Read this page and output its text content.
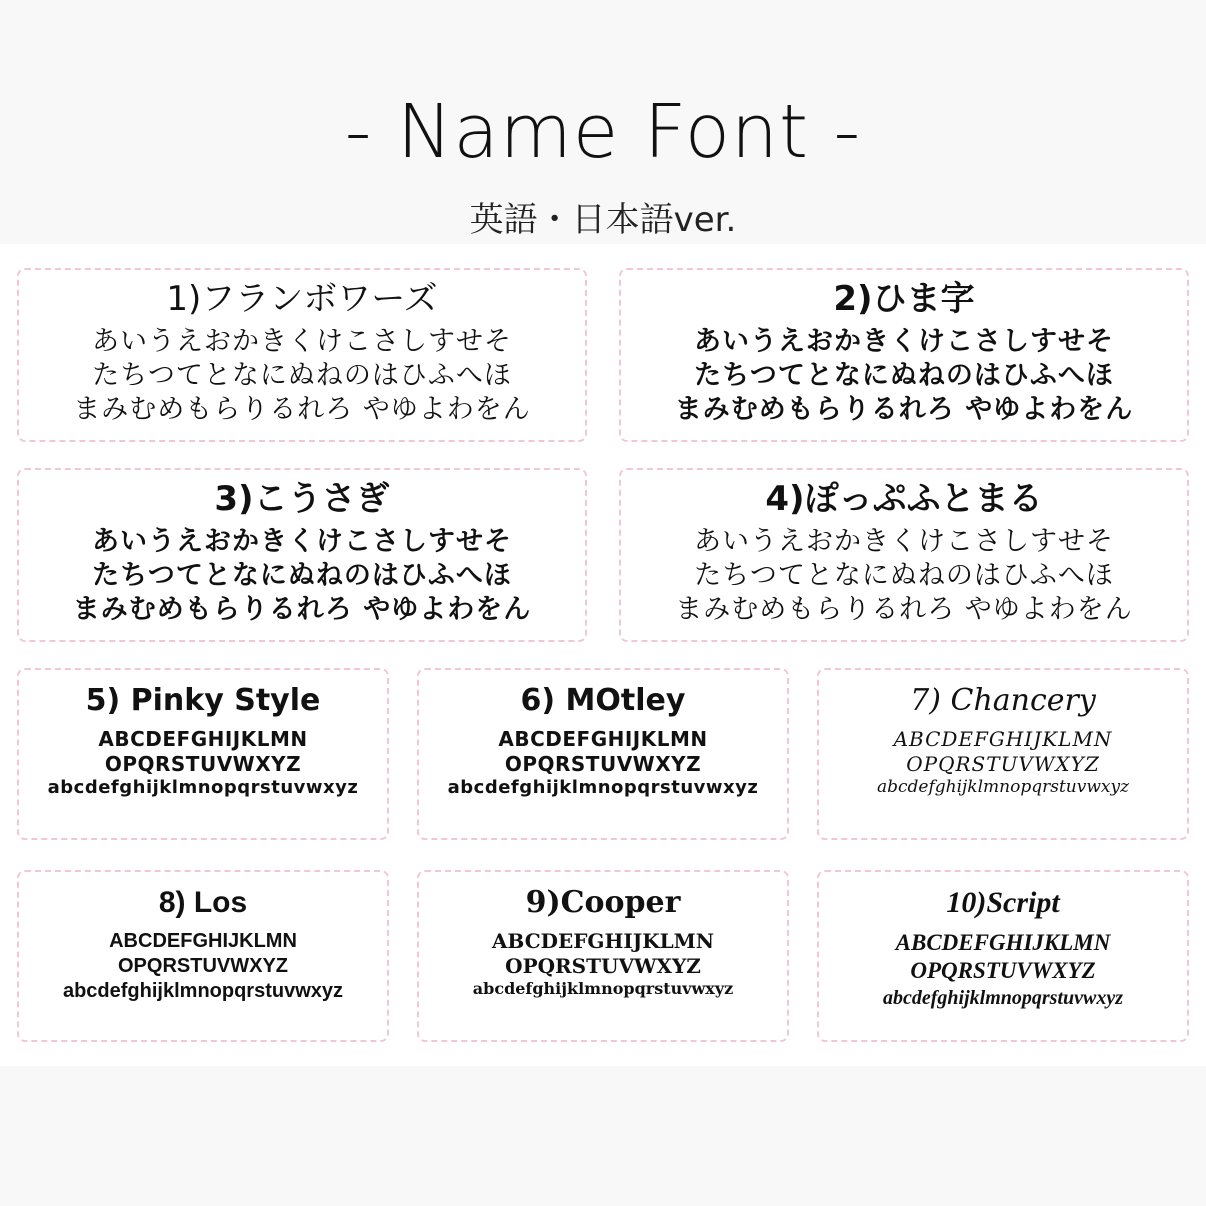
- Name Font -
英語・日本語ver.
1)フランボワーズ
あいうえおかきくけこさしすせそ
たちつてとなにぬねのはひふへほ
まみむめもらりるれろ やゆよわをん
2)ひま字
あいうえおかきくけこさしすせそ
たちつてとなにぬねのはひふへほ
まみむめもらりるれろ やゆよわをん
3)こうさぎ
あいうえおかきくけこさしすせそ
たちつてとなにぬねのはひふへほ
まみむめもらりるれろ やゆよわをん
4)ぽっぷふとまる
あいうえおかきくけこさしすせそ
たちつてとなにぬねのはひふへほ
まみむめもらりるれろ やゆよわをん
5) Pinky Style
ABCDEFGHIJKLMN
OPQRSTUVWXYZ
abcdefghijklmnopqrstuvwxyz
6) MOtley
ABCDEFGHIJKLMN
OPQRSTUVWXYZ
abcdefghijklmnopqrstuvwxyz
7) Chancery
ABCDEFGHIJKLMN
OPQRSTUVWXYZ
abcdefghijklmnopqrstuvwxyz
8) Los
ABCDEFGHIJKLMN
OPQRSTUVWXYZ
abcdefghijklmnopqrstuvwxyz
9)Cooper
ABCDEFGHIJKLMN
OPQRSTUVWXYZ
abcdefghijklmnopqrstuvwxyz
10)Script
ABCDEFGHIJKLMN
OPQRSTUVWXYZ
abcdefghijklmnopqrstuvwxyz
